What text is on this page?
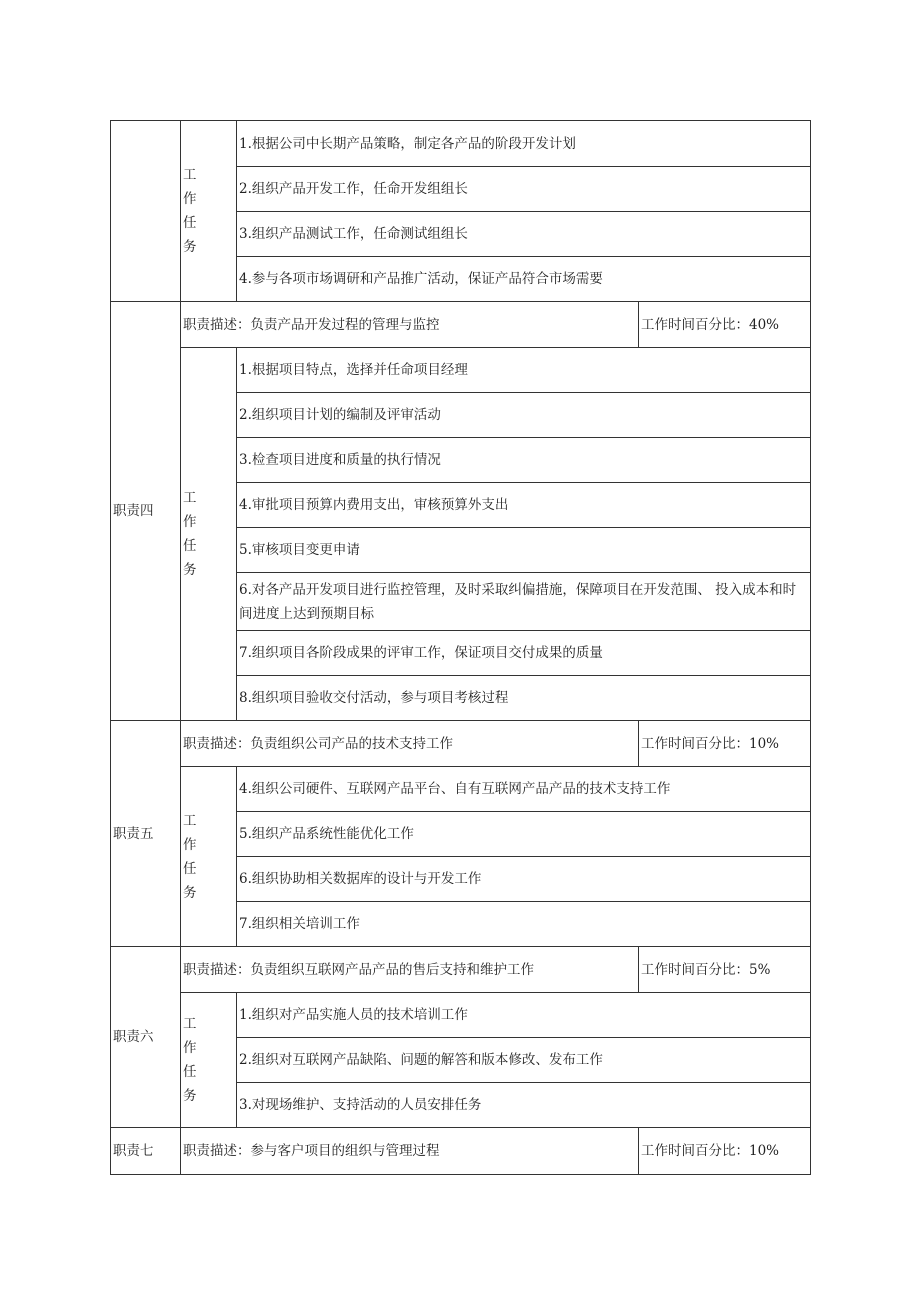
	工作任务	1.根据公司中长期产品策略，制定各产品的阶段开发计划	
		2.组织产品开发工作，任命开发组组长	
		3.组织产品测试工作，任命测试组组长	
		4.参与各项市场调研和产品推广活动，保证产品符合市场需要	
职责四	职责描述：负责产品开发过程的管理与监控		工作时间百分比：40%
	工作任务	1.根据项目特点，选择并任命项目经理	
		2.组织项目计划的编制及评审活动	
		3.检查项目进度和质量的执行情况	
		4.审批项目预算内费用支出，审核预算外支出	
		5.审核项目变更申请	
		6.对各产品开发项目进行监控管理，及时采取纠偏措施，保障项目在开发范围、 投入成本和时间进度上达到预期目标	
		7.组织项目各阶段成果的评审工作，保证项目交付成果的质量	
		8.组织项目验收交付活动，参与项目考核过程	
职责五	职责描述：负责组织公司产品的技术支持工作		工作时间百分比：10%
	工作任务	4.组织公司硬件、互联网产品平台、自有互联网产品产品的技术支持工作	
		5.组织产品系统性能优化工作	
		6.组织协助相关数据库的设计与开发工作	
		7.组织相关培训工作	
职责六	职责描述：负责组织互联网产品产品的售后支持和维护工作		工作时间百分比：5%
	工作任务	1.组织对产品实施人员的技术培训工作	
		2.组织对互联网产品缺陷、问题的解答和版本修改、发布工作	
		3.对现场维护、支持活动的人员安排任务	
职责七	职责描述：参与客户项目的组织与管理过程		工作时间百分比：10%
